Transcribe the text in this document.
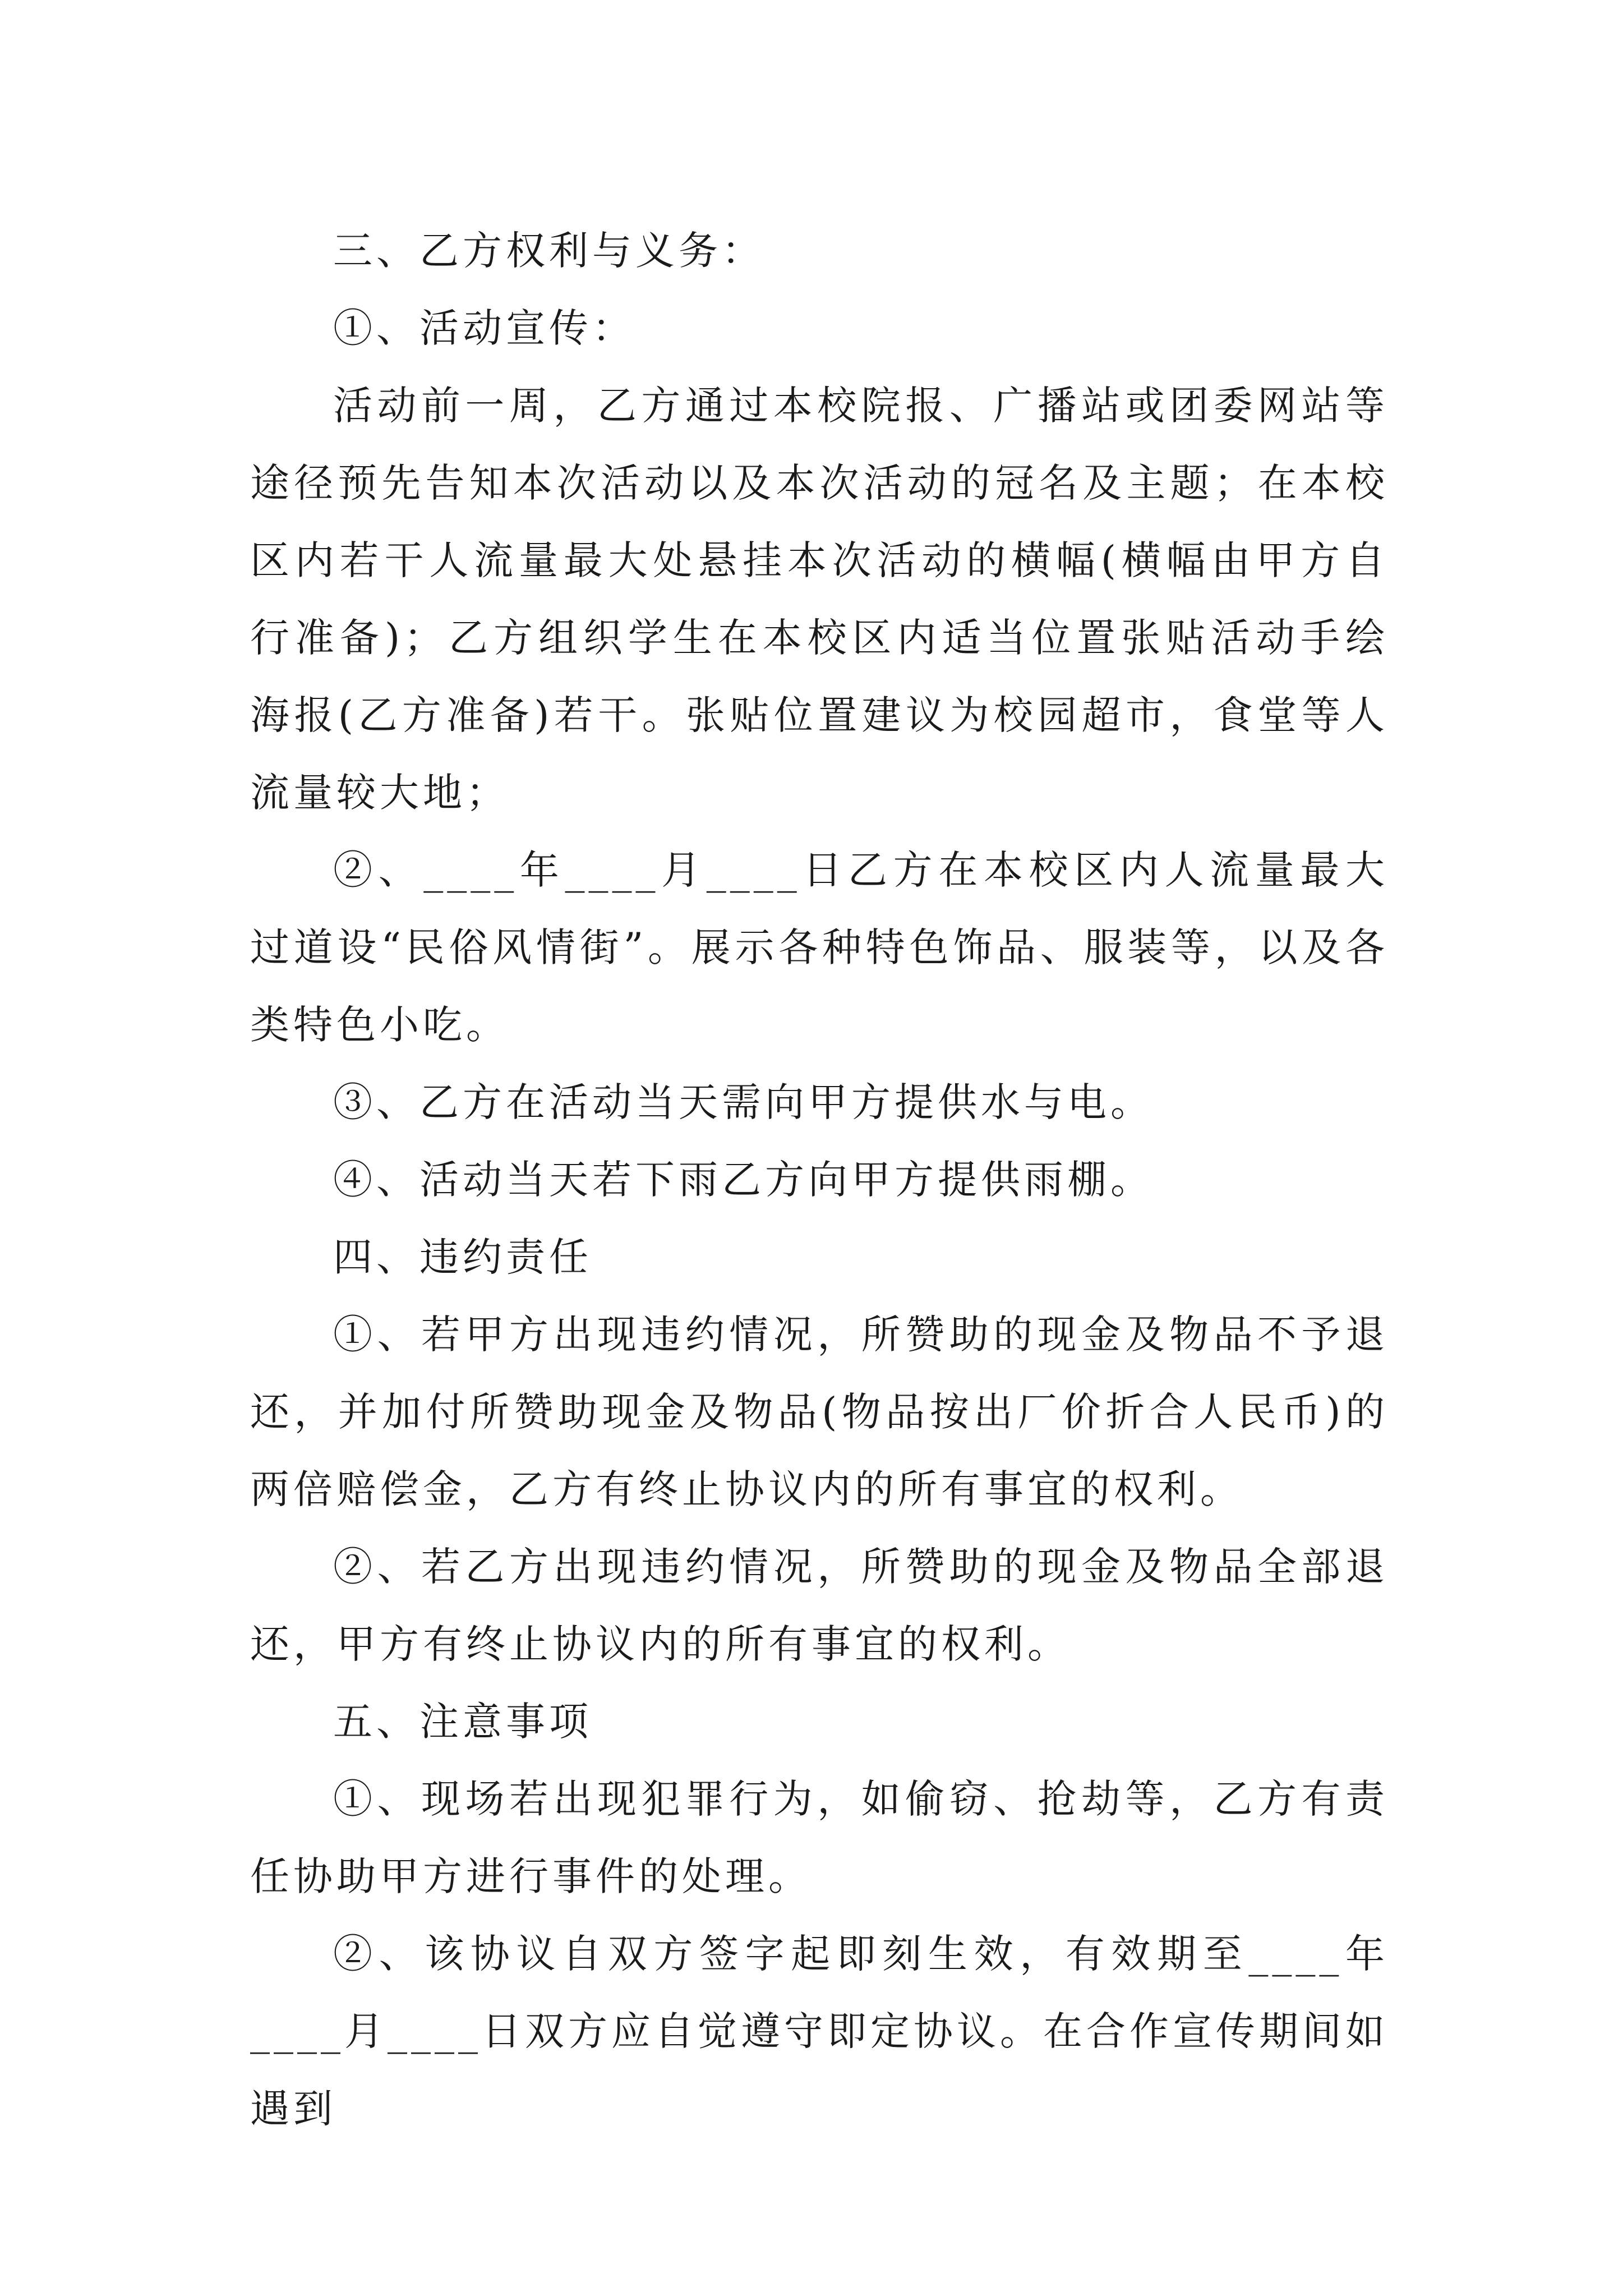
三、乙方权利与义务：

①、活动宣传：

活动前一周，乙方通过本校院报、广播站或团委网站等途径预先告知本次活动以及本次活动的冠名及主题；在本校区内若干人流量最大处悬挂本次活动的横幅(横幅由甲方自行准备)；乙方组织学生在本校区内适当位置张贴活动手绘海报(乙方准备)若干。张贴位置建议为校园超市，食堂等人流量较大地；

②、____年____月____日乙方在本校区内人流量最大过道设“民俗风情街”。展示各种特色饰品、服装等，以及各类特色小吃。

③、乙方在活动当天需向甲方提供水与电。

④、活动当天若下雨乙方向甲方提供雨棚。

四、违约责任

①、若甲方出现违约情况，所赞助的现金及物品不予退还，并加付所赞助现金及物品(物品按出厂价折合人民币)的两倍赔偿金，乙方有终止协议内的所有事宜的权利。

②、若乙方出现违约情况，所赞助的现金及物品全部退还，甲方有终止协议内的所有事宜的权利。

五、注意事项

①、现场若出现犯罪行为，如偷窃、抢劫等，乙方有责任协助甲方进行事件的处理。

②、该协议自双方签字起即刻生效，有效期至____年____月____日双方应自觉遵守即定协议。在合作宣传期间如遇到
